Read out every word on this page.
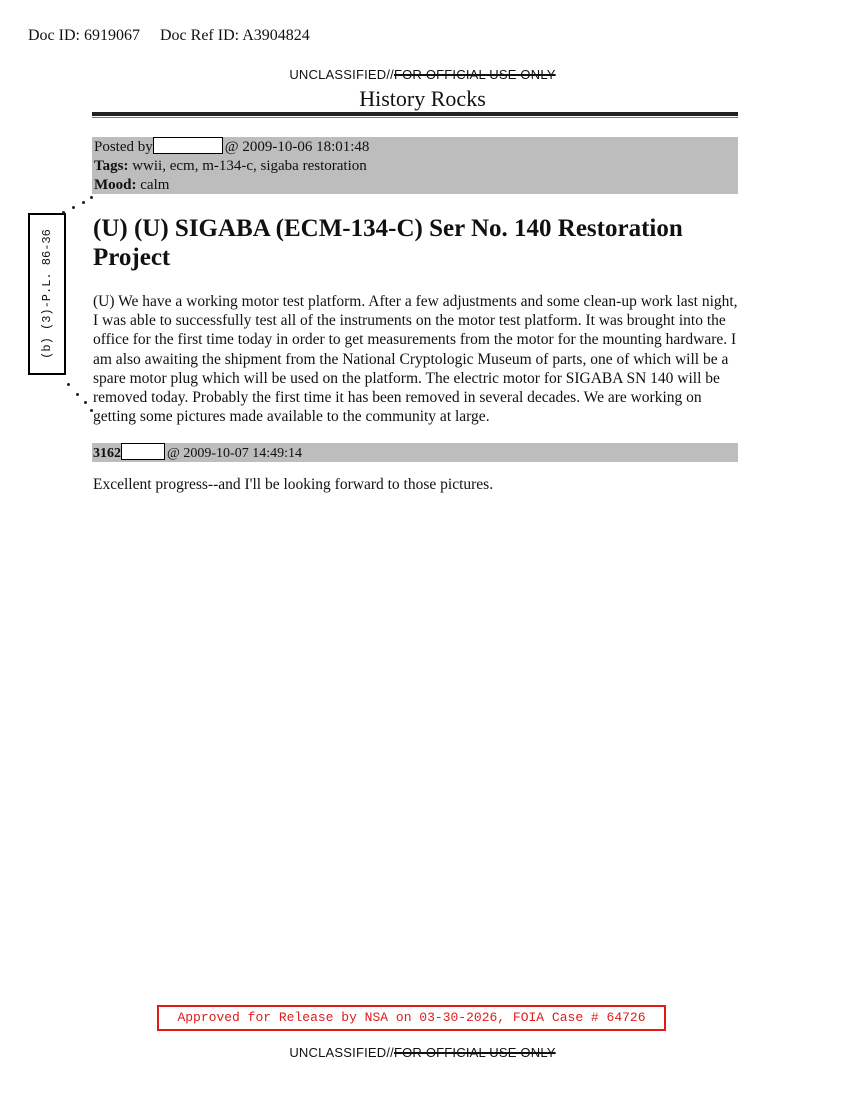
Doc ID: 6919067 Doc Ref ID: A3904824
UNCLASSIFIED//FOR OFFICIAL USE ONLY
History Rocks
Posted by	@ 2009-10-06 18:01:48
Tags: wwii, ecm, m-134-c, sigaba restoration
Mood: calm
(b) (3)-P.L. 86-36
(U) (U) SIGABA (ECM-134-C) Ser No. 140 Restoration Project
(U) We have a working motor test platform. After a few adjustments and some clean-up work last night, I was able to successfully test all of the instruments on the motor test platform. It was brought into the office for the first time today in order to get measurements from the motor for the mounting hardware. I am also awaiting the shipment from the National Cryptologic Museum of parts, one of which will be a spare motor plug which will be used on the platform. The electric motor for SIGABA SN 140 will be removed today. Probably the first time it has been removed in several decades. We are working on getting some pictures made available to the community at large.
3162	@ 2009-10-07 14:49:14
Excellent progress--and I'll be looking forward to those pictures.
Approved for Release by NSA on 03-30-2026, FOIA Case # 64726
UNCLASSIFIED//FOR OFFICIAL USE ONLY
